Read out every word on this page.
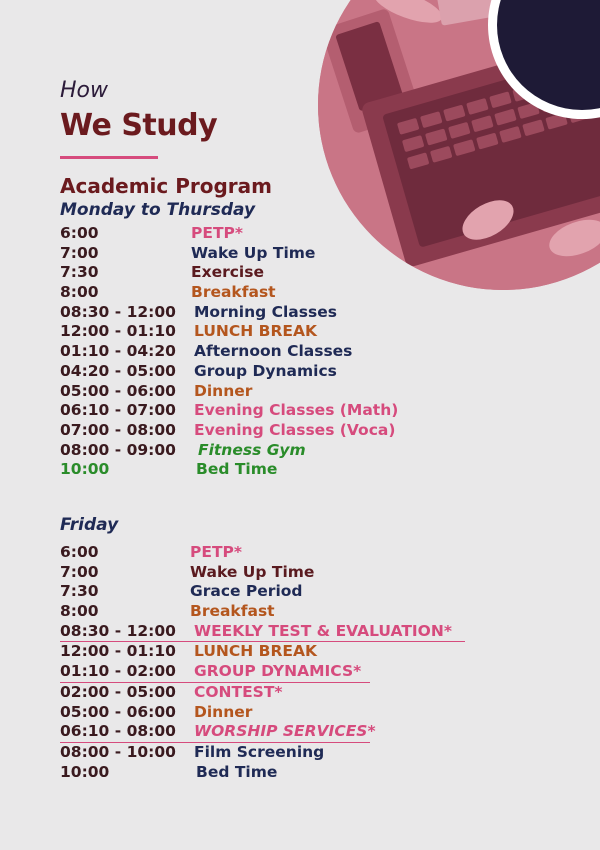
How
We Study
Academic Program
Monday to Thursday
6:00	PETP*
7:00	Wake Up Time
7:30	Exercise
8:00	Breakfast
08:30 - 12:00 Morning Classes
12:00 - 01:10 LUNCH BREAK
01:10 - 04:20 Afternoon Classes
04:20 - 05:00 Group Dynamics
05:00 - 06:00 Dinner
06:10 - 07:00 Evening Classes (Math)
07:00 - 08:00 Evening Classes (Voca)
08:00 - 09:00 Fitness Gym
10:00	Bed Time
Friday
6:00	PETP*
7:00	Wake Up Time
7:30	Grace Period
8:00	Breakfast
08:30 - 12:00 WEEKLY TEST & EVALUATION*
12:00 - 01:10 LUNCH BREAK
01:10 - 02:00 GROUP DYNAMICS*
02:00 - 05:00 CONTEST*
05:00 - 06:00 Dinner
06:10 - 08:00 WORSHIP SERVICES*
08:00 - 10:00 Film Screening
10:00	Bed Time
